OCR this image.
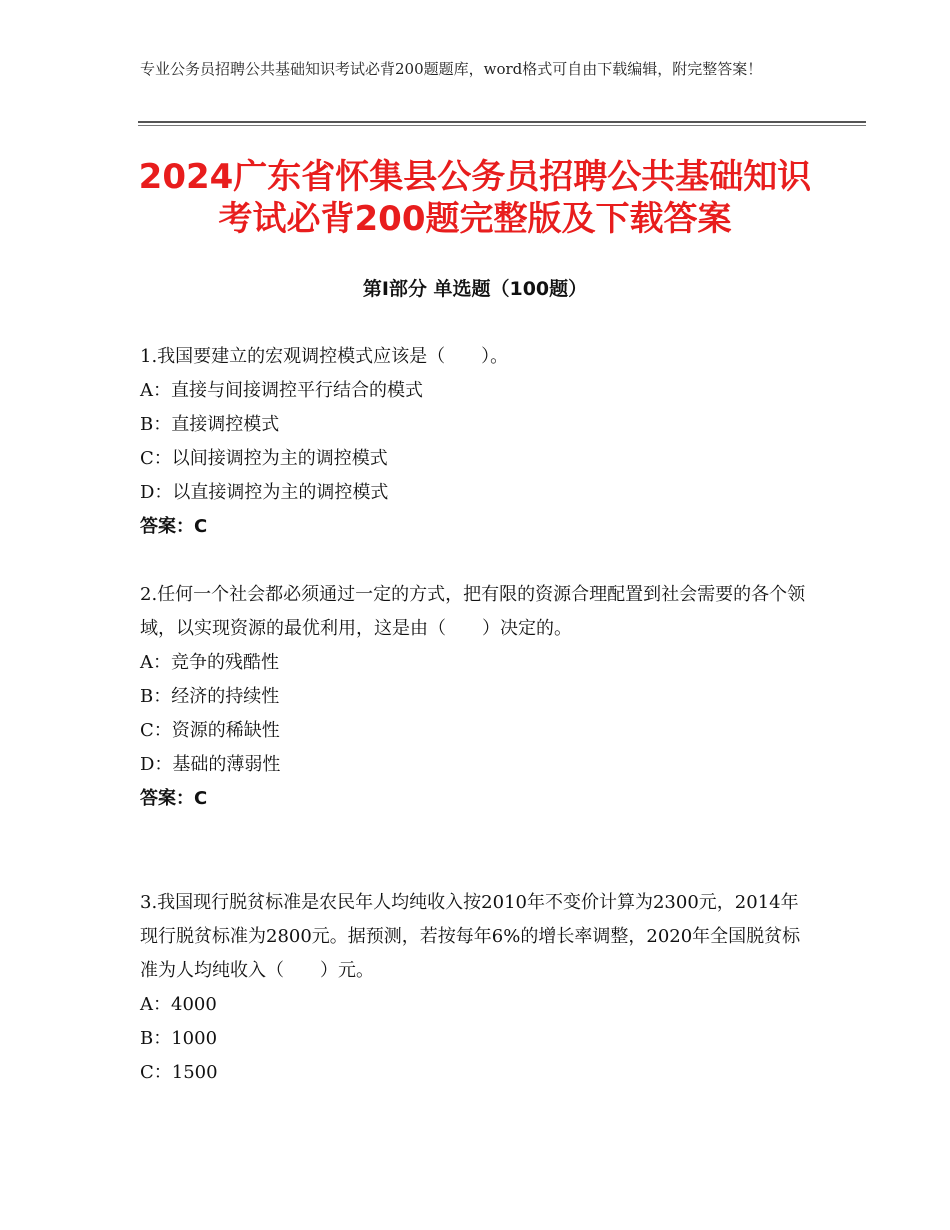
专业公务员招聘公共基础知识考试必背200题题库，word格式可自由下载编辑，附完整答案！
2024广东省怀集县公务员招聘公共基础知识
考试必背200题完整版及下载答案
第Ⅰ部分 单选题（100题）
1.我国要建立的宏观调控模式应该是（　　）。
A：直接与间接调控平行结合的模式
B：直接调控模式
C：以间接调控为主的调控模式
D：以直接调控为主的调控模式
答案：C
2.任何一个社会都必须通过一定的方式，把有限的资源合理配置到社会需要的各个领域，以实现资源的最优利用，这是由（　　）决定的。
A：竞争的残酷性
B：经济的持续性
C：资源的稀缺性
D：基础的薄弱性
答案：C
3.我国现行脱贫标准是农民年人均纯收入按2010年不变价计算为2300元，2014年现行脱贫标准为2800元。据预测，若按每年6%的增长率调整，2020年全国脱贫标准为人均纯收入（　　）元。
A：4000
B：1000
C：1500
